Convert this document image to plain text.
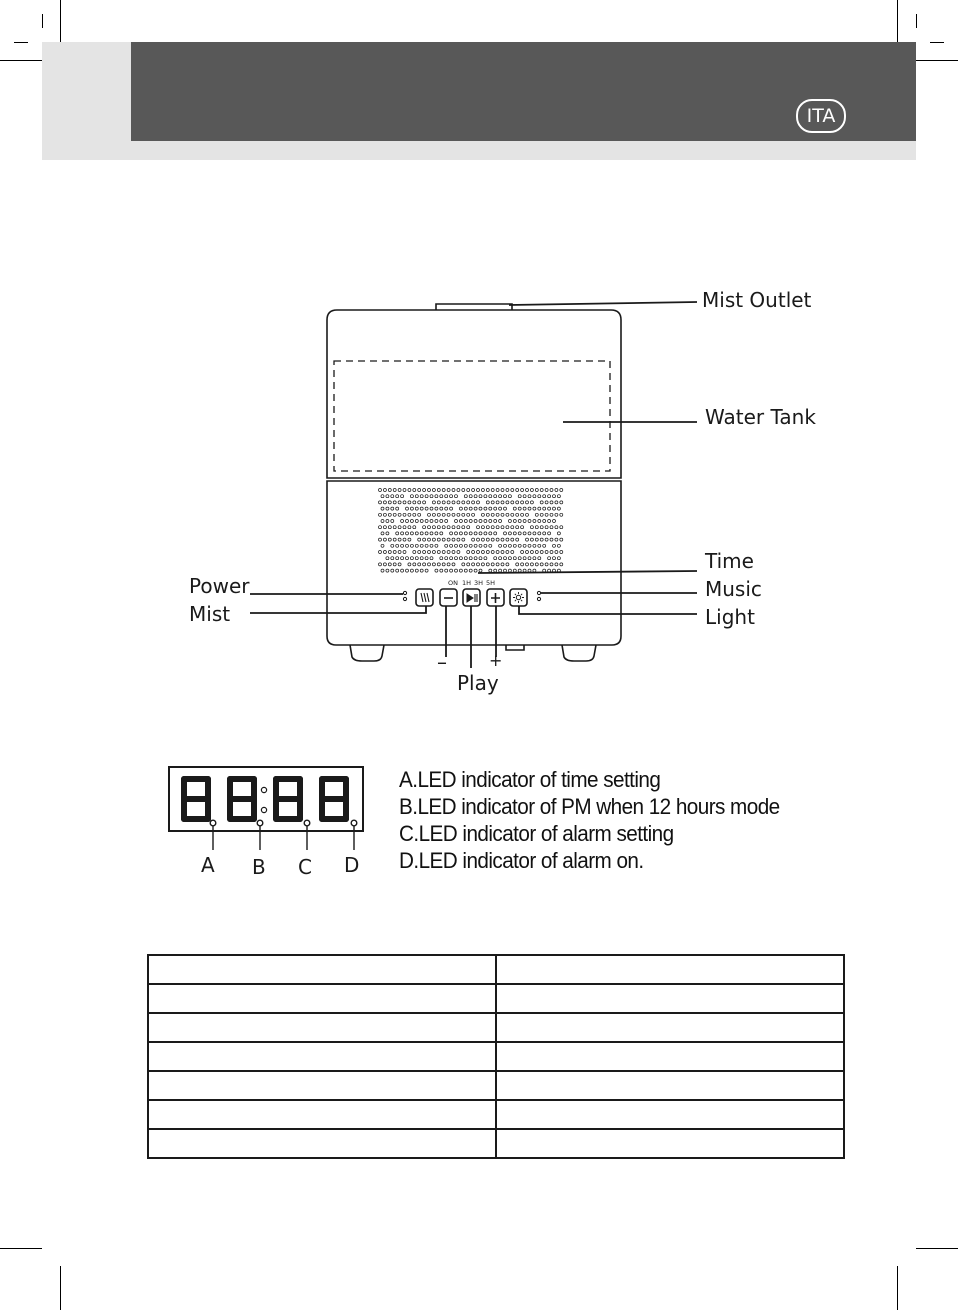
ITA
ON 1H 3H 5H
Mist Outlet
Water Tank
Time
Music
Light
Power
Mist
–	+
Play
A B C D
A.LED indicator of time setting
B.LED indicator of PM when 12 hours mode
C.LED indicator of alarm setting
D.LED indicator of alarm on.
